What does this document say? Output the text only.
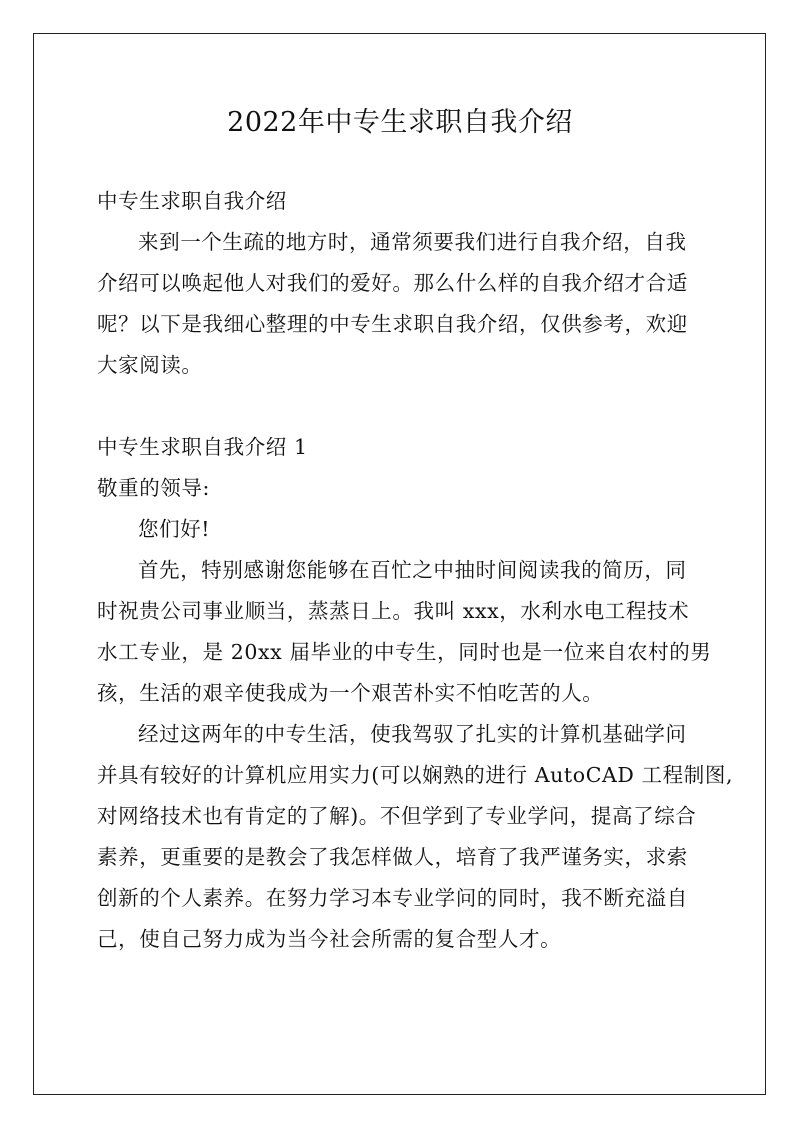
2022年中专生求职自我介绍
中专生求职自我介绍
来到一个生疏的地方时，通常须要我们进行自我介绍，自我
介绍可以唤起他人对我们的爱好。那么什么样的自我介绍才合适
呢？以下是我细心整理的中专生求职自我介绍，仅供参考，欢迎
大家阅读。
中专生求职自我介绍 1
敬重的领导:
您们好!
首先，特别感谢您能够在百忙之中抽时间阅读我的简历，同
时祝贵公司事业顺当，蒸蒸日上。我叫 xxx，水利水电工程技术
水工专业，是 20xx 届毕业的中专生，同时也是一位来自农村的男
孩，生活的艰辛使我成为一个艰苦朴实不怕吃苦的人。
经过这两年的中专生活，使我驾驭了扎实的计算机基础学问
并具有较好的计算机应用实力(可以娴熟的进行 AutoCAD 工程制图,
对网络技术也有肯定的了解)。不但学到了专业学问，提高了综合
素养，更重要的是教会了我怎样做人，培育了我严谨务实，求索
创新的个人素养。在努力学习本专业学问的同时，我不断充溢自
己，使自己努力成为当今社会所需的复合型人才。
